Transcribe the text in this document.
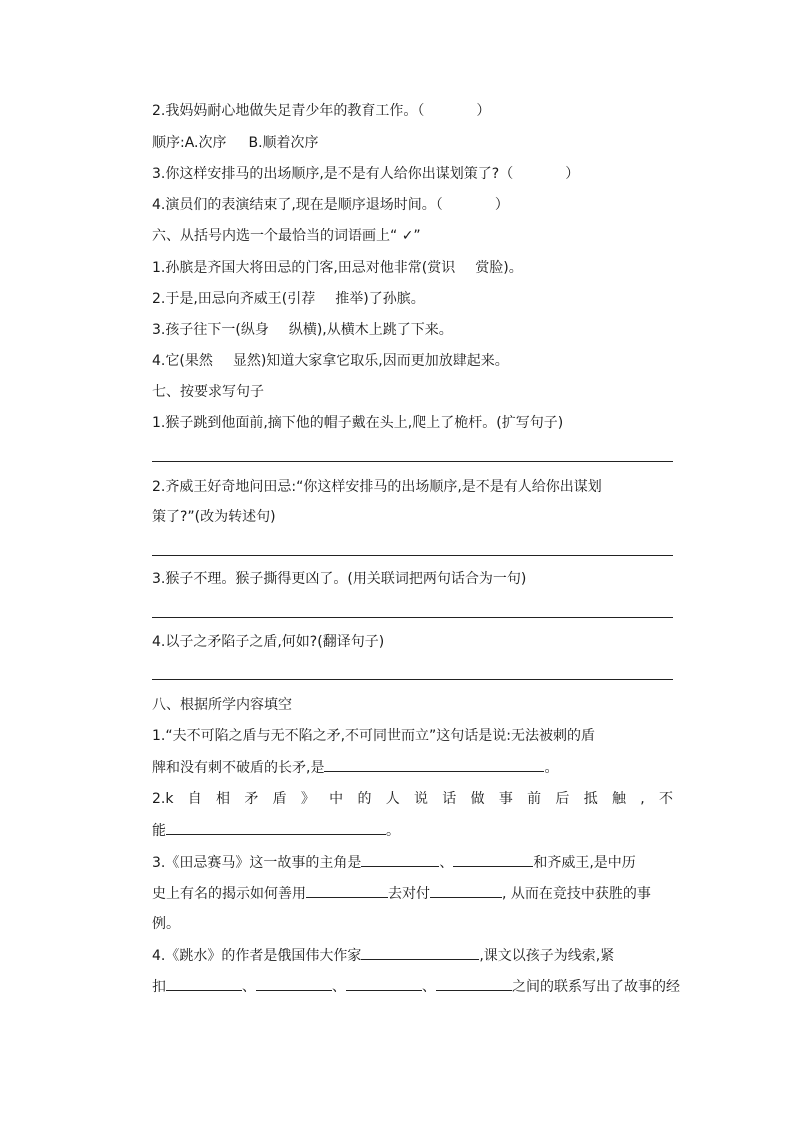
2.我妈妈耐心地做失足青少年的教育工作。（	）
顺序:A.次序 B.顺着次序
3.你这样安排马的出场顺序,是不是有人给你出谋划策了?（	）
4.演员们的表演结束了,现在是顺序退场时间。（	）
六、从括号内选一个最恰当的词语画上“ ✓”
1.孙膑是齐国大将田忌的门客,田忌对他非常(赏识 赏脸)。
2.于是,田忌向齐威王(引荐 推举)了孙膑。
3.孩子往下一(纵身 纵横),从横木上跳了下来。
4.它(果然 显然)知道大家拿它取乐,因而更加放肆起来。
七、按要求写句子
1.猴子跳到他面前,摘下他的帽子戴在头上,爬上了桅杆。(扩写句子)
2.齐威王好奇地问田忌:“你这样安排马的出场顺序,是不是有人给你出谋划
策了?”(改为转述句)
3.猴子不理。猴子撕得更凶了。(用关联词把两句话合为一句)
4.以子之矛陷子之盾,何如?(翻译句子)
八、根据所学内容填空
1.“夫不可陷之盾与无不陷之矛,不可同世而立”这句话是说:无法被刺的盾
牌和没有刺不破盾的长矛,是	。
2.k 自 相 矛 盾 》 中 的 人 说 话 做 事 前 后 抵 触 , 不
能	。
3.《田忌赛马》这一故事的主角是	、	和齐威王,是中历
史上有名的揭示如何善用	去对付	, 从而在竞技中获胜的事
例。
4.《跳水》的作者是俄国伟大作家	,课文以孩子为线索,紧
扣	、	、	、	之间的联系写出了故事的经
